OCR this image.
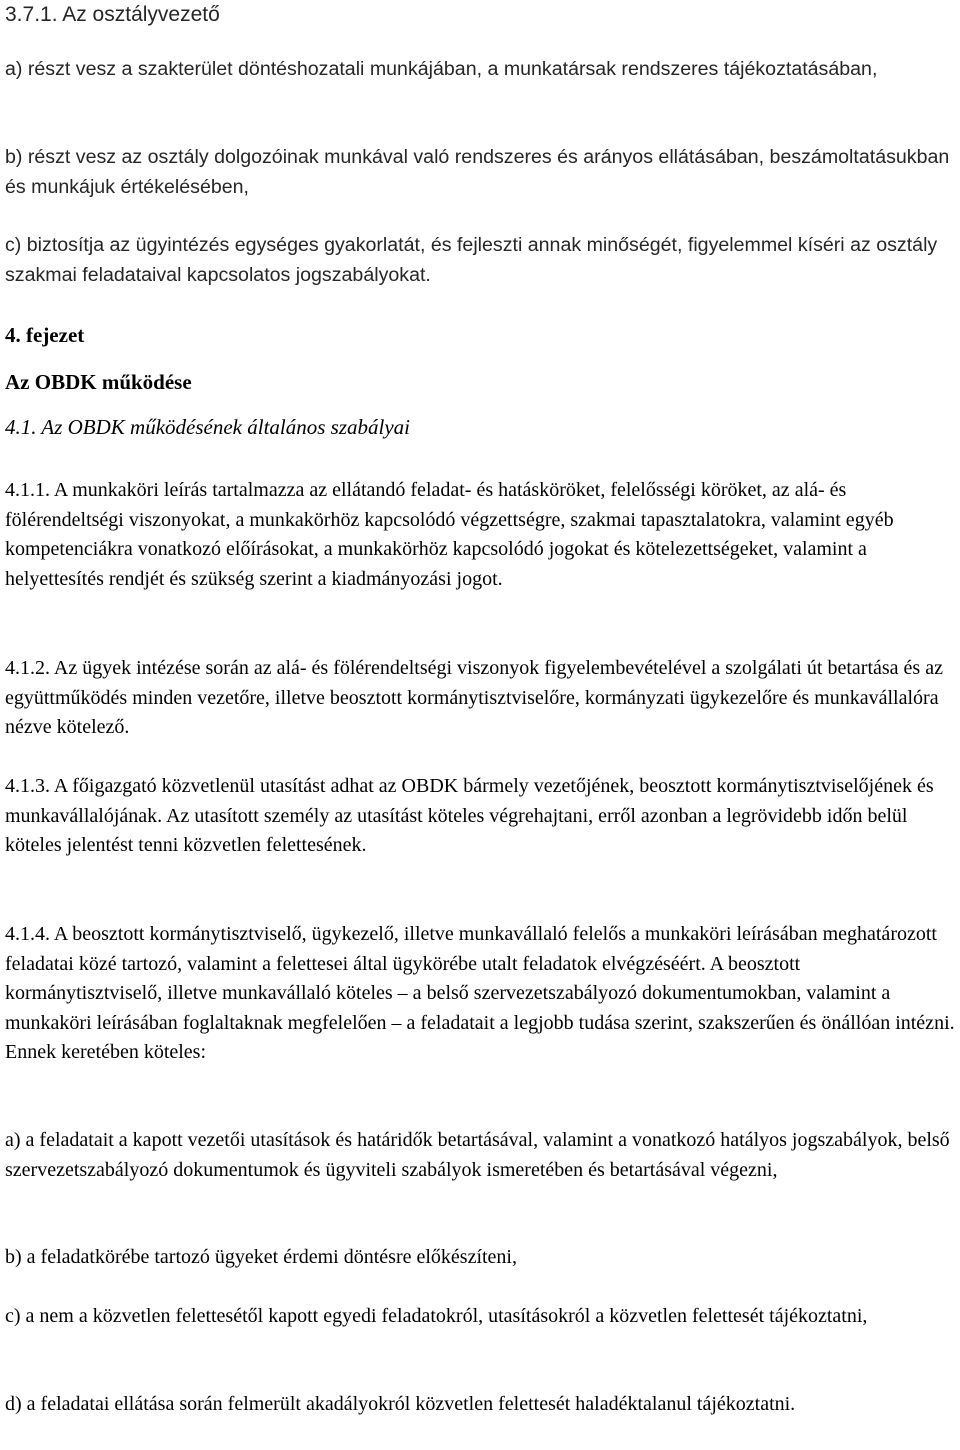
3.7.1. Az osztályvezető

a) részt vesz a szakterület döntéshozatali munkájában, a munkatársak rendszeres tájékoztatásában,

b) részt vesz az osztály dolgozóinak munkával való rendszeres és arányos ellátásában, beszámoltatásukban és munkájuk értékelésében,

c) biztosítja az ügyintézés egységes gyakorlatát, és fejleszti annak minőségét, figyelemmel kíséri az osztály szakmai feladataival kapcsolatos jogszabályokat.

4. fejezet
Az OBDK működése
4.1. Az OBDK működésének általános szabályai

4.1.1. A munkaköri leírás tartalmazza az ellátandó feladat- és hatásköröket, felelősségi köröket, az alá- és fölérendeltségi viszonyokat, a munkakörhöz kapcsolódó végzettségre, szakmai tapasztalatokra, valamint egyéb kompetenciákra vonatkozó előírásokat, a munkakörhöz kapcsolódó jogokat és kötelezettségeket, valamint a helyettesítés rendjét és szükség szerint a kiadmányozási jogot.

4.1.2. Az ügyek intézése során az alá- és fölérendeltségi viszonyok figyelembevételével a szolgálati út betartása és az együttműködés minden vezetőre, illetve beosztott kormánytisztviselőre, kormányzati ügykezelőre és munkavállalóra nézve kötelező.

4.1.3. A főigazgató közvetlenül utasítást adhat az OBDK bármely vezetőjének, beosztott kormánytisztviselőjének és munkavállalójának. Az utasított személy az utasítást köteles végrehajtani, erről azonban a legrövidebb időn belül köteles jelentést tenni közvetlen felettesének.

4.1.4. A beosztott kormánytisztviselő, ügykezelő, illetve munkavállaló felelős a munkaköri leírásában meghatározott feladatai közé tartozó, valamint a felettesei által ügykörébe utalt feladatok elvégzéséért. A beosztott kormánytisztviselő, illetve munkavállaló köteles – a belső szervezetszabályozó dokumentumokban, valamint a munkaköri leírásában foglaltaknak megfelelően – a feladatait a legjobb tudása szerint, szakszerűen és önállóan intézni. Ennek keretében köteles:

a) a feladatait a kapott vezetői utasítások és határidők betartásával, valamint a vonatkozó hatályos jogszabályok, belső szervezetszabályozó dokumentumok és ügyviteli szabályok ismeretében és betartásával végezni,

b) a feladatkörébe tartozó ügyeket érdemi döntésre előkészíteni,

c) a nem a közvetlen felettesétől kapott egyedi feladatokról, utasításokról a közvetlen felettesét tájékoztatni,

d) a feladatai ellátása során felmerült akadályokról közvetlen felettesét haladéktalanul tájékoztatni.
